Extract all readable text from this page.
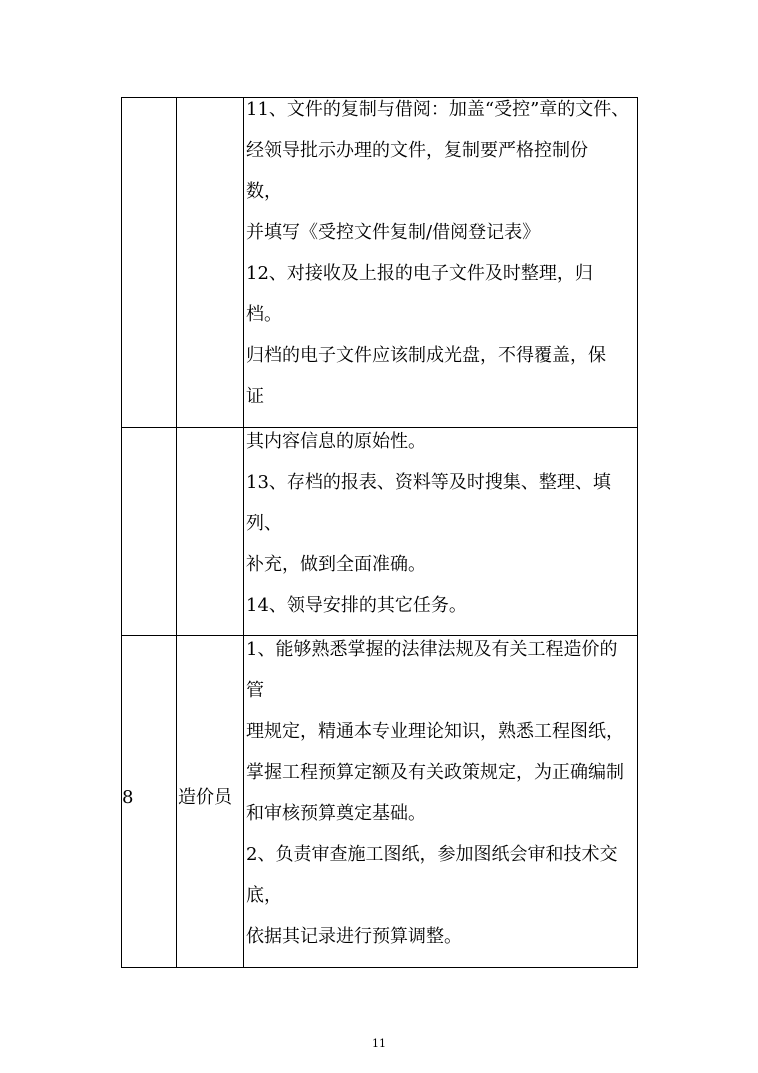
11、文件的复制与借阅：加盖“受控”章的文件、
经领导批示办理的文件，复制要严格控制份
数，
并填写《受控文件复制/借阅登记表》
12、对接收及上报的电子文件及时整理，归
档。
归档的电子文件应该制成光盘，不得覆盖，保
证
其内容信息的原始性。
13、存档的报表、资料等及时搜集、整理、填
列、
补充，做到全面准确。
14、领导安排的其它任务。
1、能够熟悉掌握的法律法规及有关工程造价的
管
理规定，精通本专业理论知识，熟悉工程图纸，
掌握工程预算定额及有关政策规定，为正确编制
和审核预算奠定基础。
2、负责审查施工图纸，参加图纸会审和技术交
底，
依据其记录进行预算调整。
8 造价员
11
